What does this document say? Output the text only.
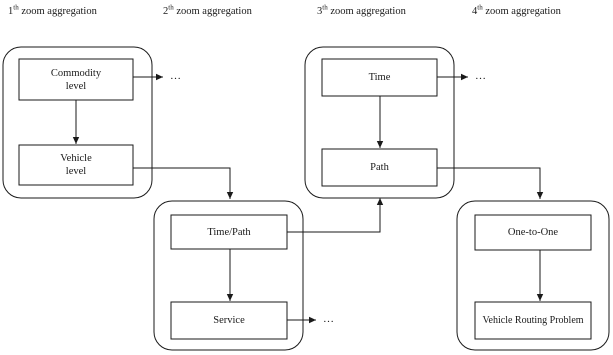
1th zoom aggregation	2th zoom aggregation	3th zoom aggregation	4th zoom aggregation
Commodity
level
Vehicle
level
Time/Path
Service
Time
Path
One-to-One
Vehicle Routing Problem
…
…
…
